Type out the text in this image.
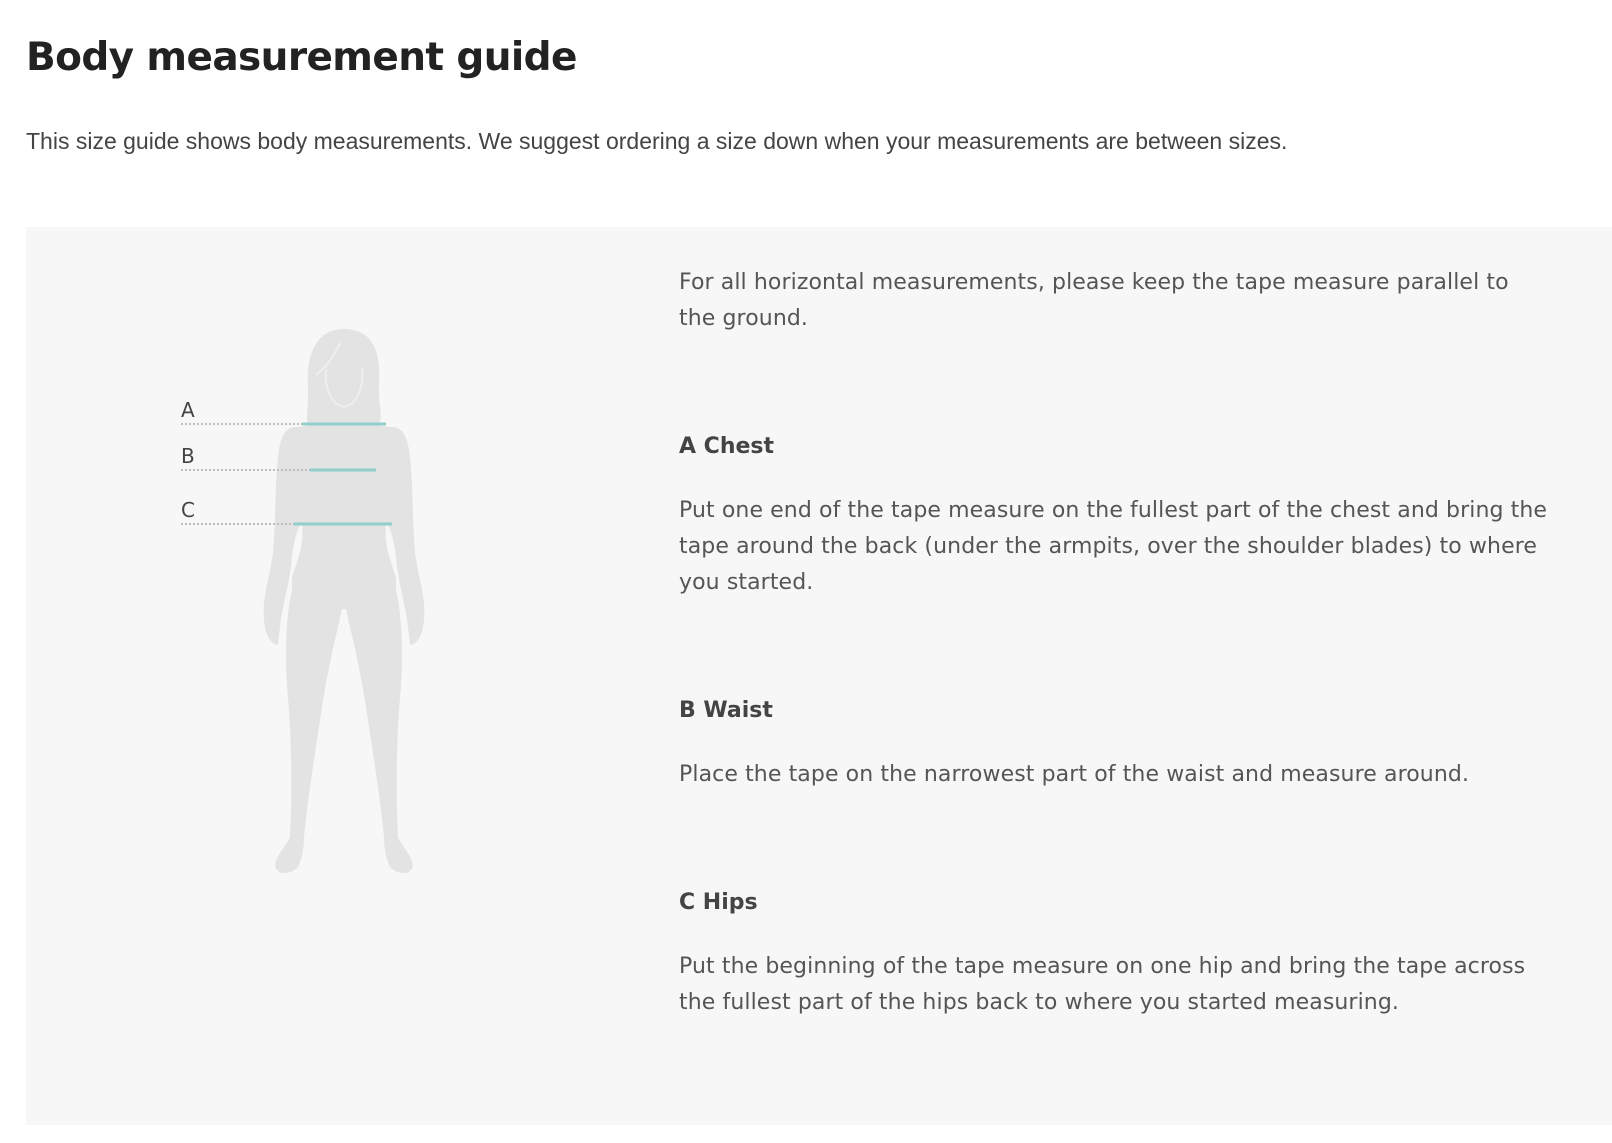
Body measurement guide

This size guide shows body measurements. We suggest ordering a size down when your measurements are between sizes.

A
B
C

For all horizontal measurements, please keep the tape measure parallel to the ground.

A Chest

Put one end of the tape measure on the fullest part of the chest and bring the tape around the back (under the armpits, over the shoulder blades) to where you started.

B Waist

Place the tape on the narrowest part of the waist and measure around.

C Hips

Put the beginning of the tape measure on one hip and bring the tape across the fullest part of the hips back to where you started measuring.
